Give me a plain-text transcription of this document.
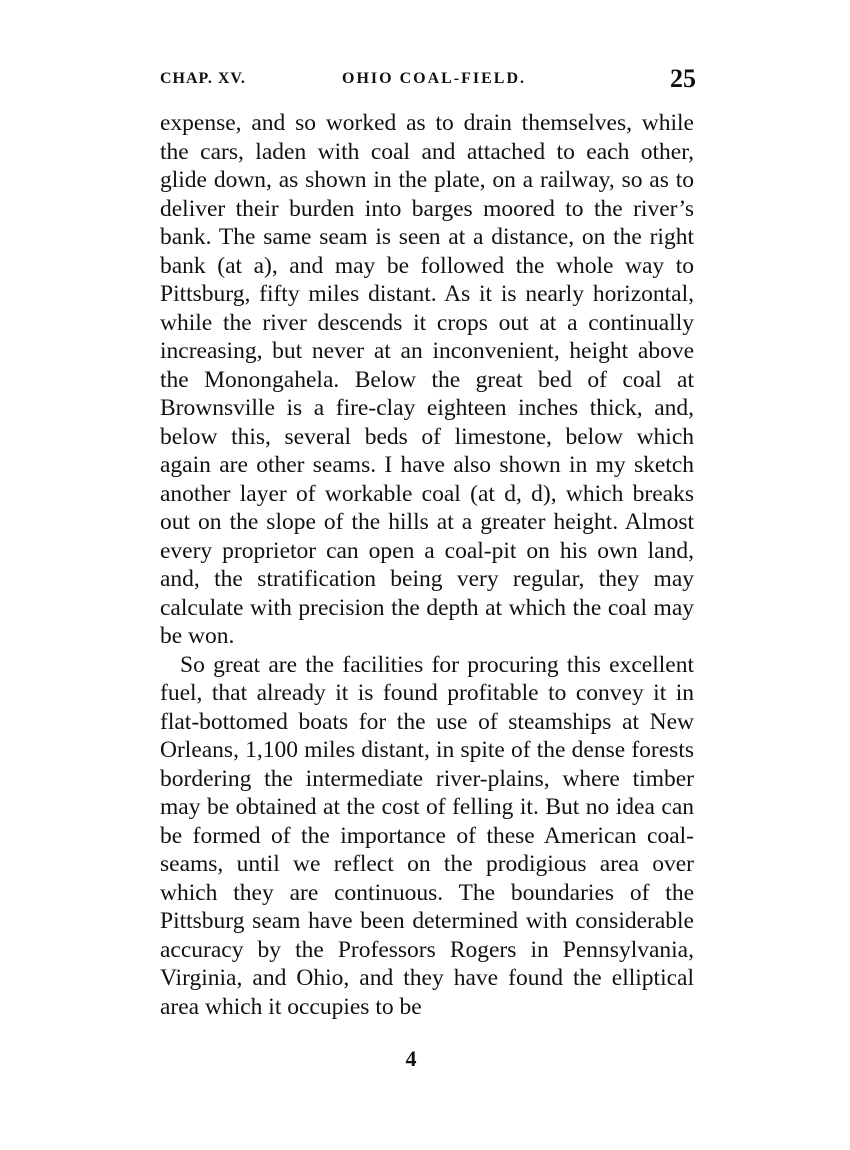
CHAP. XV.	OHIO COAL-FIELD.	25

expense, and so worked as to drain themselves, while the cars, laden with coal and attached to each other, glide down, as shown in the plate, on a railway, so as to deliver their burden into barges moored to the river’s bank. The same seam is seen at a distance, on the right bank (at a), and may be followed the whole way to Pittsburg, fifty miles distant. As it is nearly horizontal, while the river descends it crops out at a continually increasing, but never at an inconvenient, height above the Monongahela. Below the great bed of coal at Brownsville is a fire-clay eighteen inches thick, and, below this, several beds of limestone, below which again are other seams. I have also shown in my sketch another layer of workable coal (at d, d), which breaks out on the slope of the hills at a greater height. Almost every proprietor can open a coal-pit on his own land, and, the stratification being very regular, they may calculate with precision the depth at which the coal may be won.

So great are the facilities for procuring this excellent fuel, that already it is found profitable to convey it in flat-bottomed boats for the use of steamships at New Orleans, 1,100 miles distant, in spite of the dense forests bordering the intermediate river-plains, where timber may be obtained at the cost of felling it. But no idea can be formed of the importance of these American coal-seams, until we reflect on the prodigious area over which they are continuous. The boundaries of the Pittsburg seam have been determined with considerable accuracy by the Professors Rogers in Pennsylvania, Virginia, and Ohio, and they have found the elliptical area which it occupies to be

4
